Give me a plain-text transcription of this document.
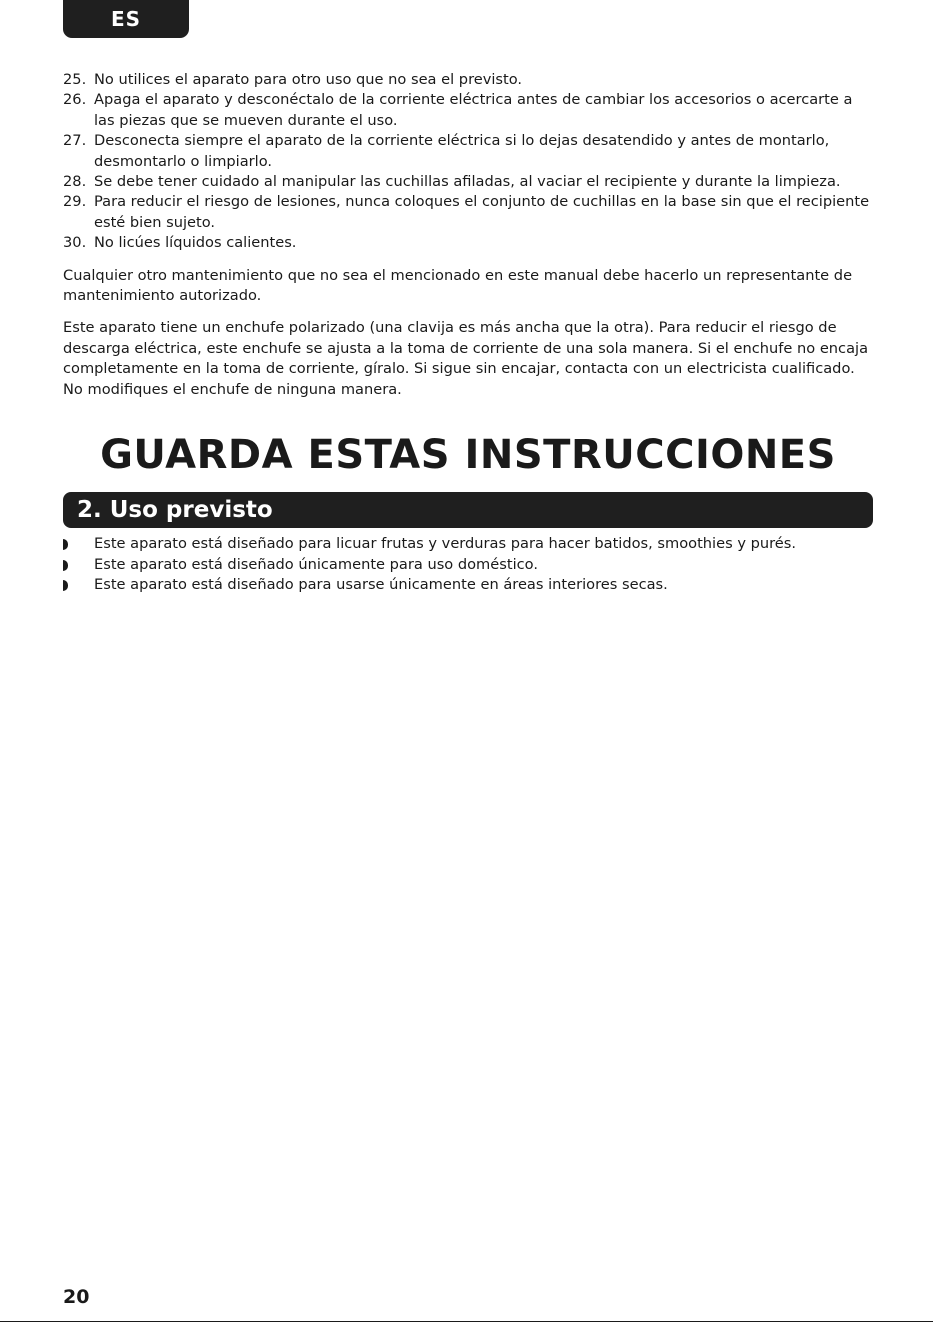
ES
25. No utilices el aparato para otro uso que no sea el previsto.
26. Apaga el aparato y desconéctalo de la corriente eléctrica antes de cambiar los accesorios o acercarte a las piezas que se mueven durante el uso.
27. Desconecta siempre el aparato de la corriente eléctrica si lo dejas desatendido y antes de montarlo, desmontarlo o limpiarlo.
28. Se debe tener cuidado al manipular las cuchillas afiladas, al vaciar el recipiente y durante la limpieza.
29. Para reducir el riesgo de lesiones, nunca coloques el conjunto de cuchillas en la base sin que el recipiente esté bien sujeto.
30. No licúes líquidos calientes.

Cualquier otro mantenimiento que no sea el mencionado en este manual debe hacerlo un representante de mantenimiento autorizado.

Este aparato tiene un enchufe polarizado (una clavija es más ancha que la otra). Para reducir el riesgo de descarga eléctrica, este enchufe se ajusta a la toma de corriente de una sola manera. Si el enchufe no encaja completamente en la toma de corriente, gíralo. Si sigue sin encajar, contacta con un electricista cualificado. No modifiques el enchufe de ninguna manera.

GUARDA ESTAS INSTRUCCIONES
2. Uso previsto
Este aparato está diseñado para licuar frutas y verduras para hacer batidos, smoothies y purés.
Este aparato está diseñado únicamente para uso doméstico.
Este aparato está diseñado para usarse únicamente en áreas interiores secas.
20
